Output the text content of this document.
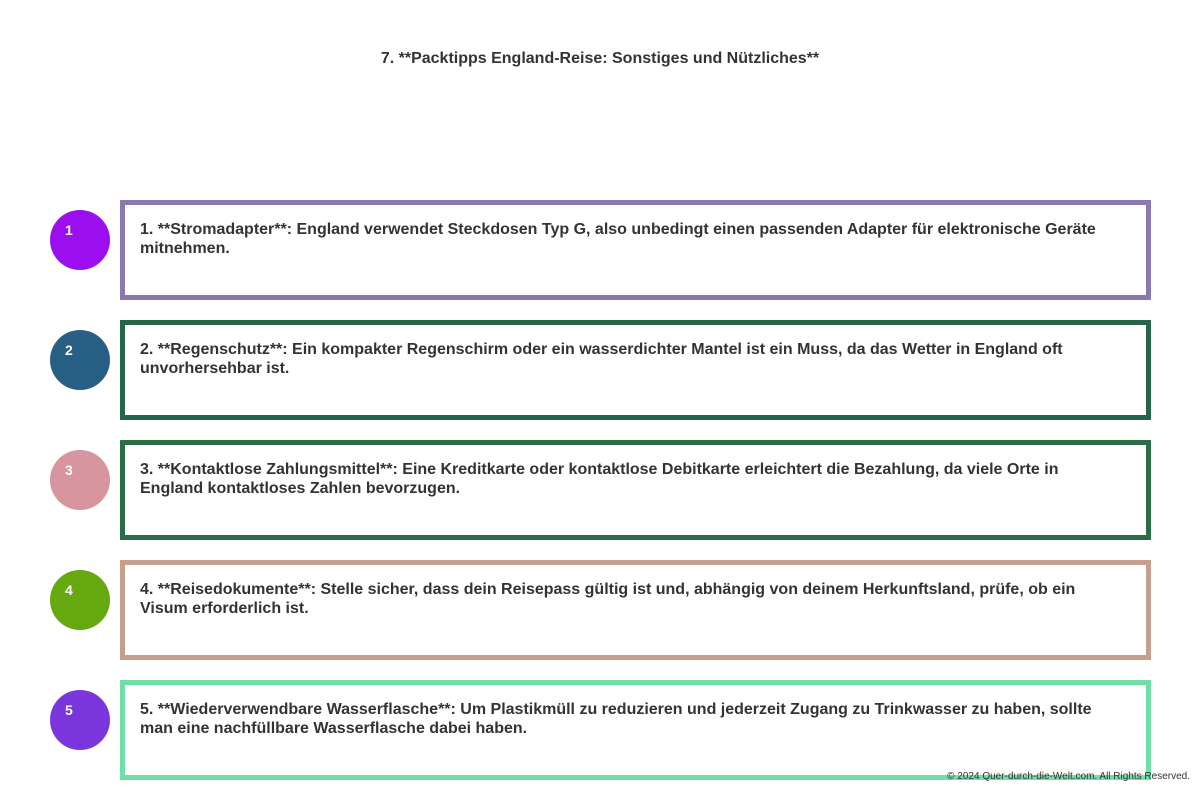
7. **Packtipps England-Reise: Sonstiges und Nützliches**
1	1. **Stromadapter**: England verwendet Steckdosen Typ G, also unbedingt einen passenden Adapter für elektronische Geräte mitnehmen.
2	2. **Regenschutz**: Ein kompakter Regenschirm oder ein wasserdichter Mantel ist ein Muss, da das Wetter in England oft unvorhersehbar ist.
3	3. **Kontaktlose Zahlungsmittel**: Eine Kreditkarte oder kontaktlose Debitkarte erleichtert die Bezahlung, da viele Orte in England kontaktloses Zahlen bevorzugen.
4	4. **Reisedokumente**: Stelle sicher, dass dein Reisepass gültig ist und, abhängig von deinem Herkunftsland, prüfe, ob ein Visum erforderlich ist.
5	5. **Wiederverwendbare Wasserflasche**: Um Plastikmüll zu reduzieren und jederzeit Zugang zu Trinkwasser zu haben, sollte man eine nachfüllbare Wasserflasche dabei haben.
© 2024 Quer-durch-die-Welt.com. All Rights Reserved.
